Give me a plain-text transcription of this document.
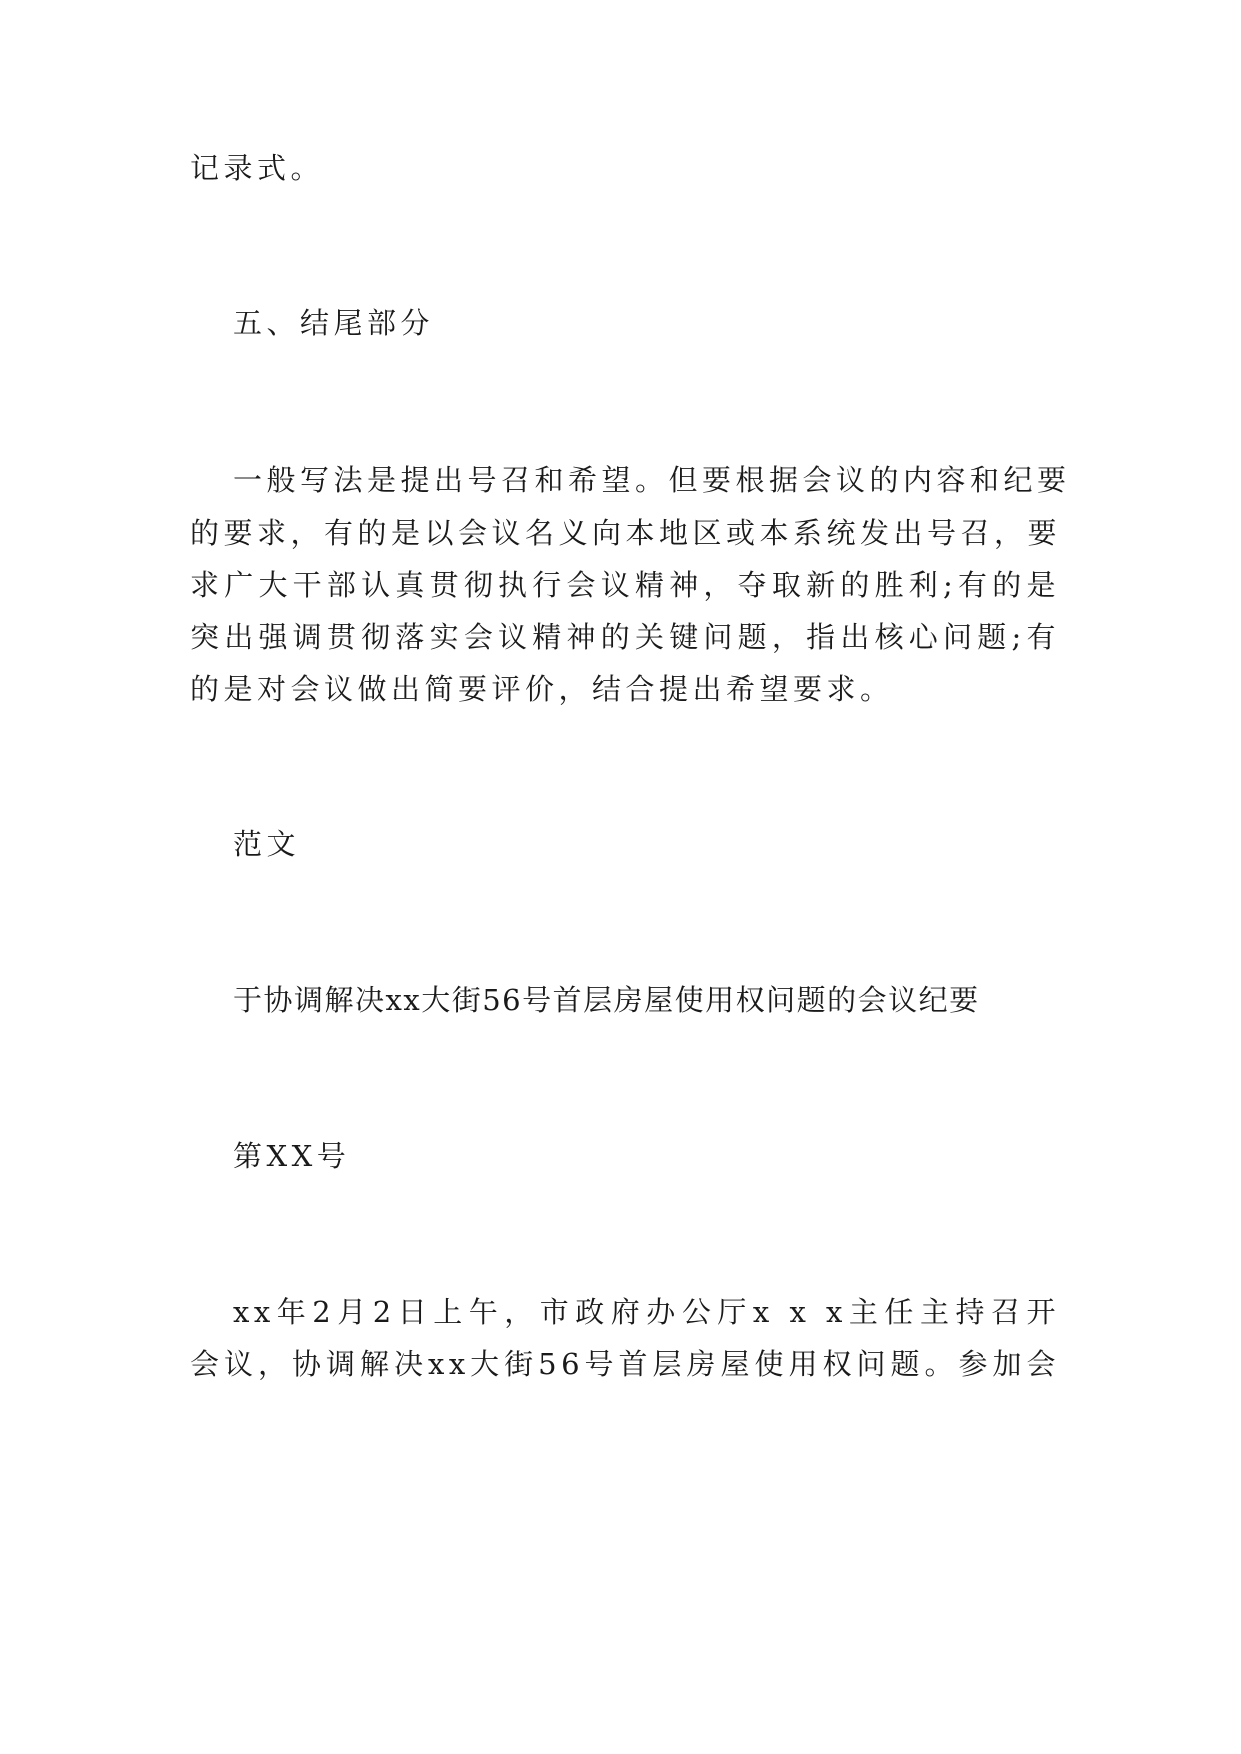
记录式。
五、结尾部分
一般写法是提出号召和希望。但要根据会议的内容和纪要
的要求，有的是以会议名义向本地区或本系统发出号召，要
求广大干部认真贯彻执行会议精神，夺取新的胜利;有的是
突出强调贯彻落实会议精神的关键问题，指出核心问题;有
的是对会议做出简要评价，结合提出希望要求。
范文
于协调解决xx大街56号首层房屋使用权问题的会议纪要
第XX号
xx年2月2日上午，市政府办公厅x x x主任主持召开
会议，协调解决xx大街56号首层房屋使用权问题。参加会
